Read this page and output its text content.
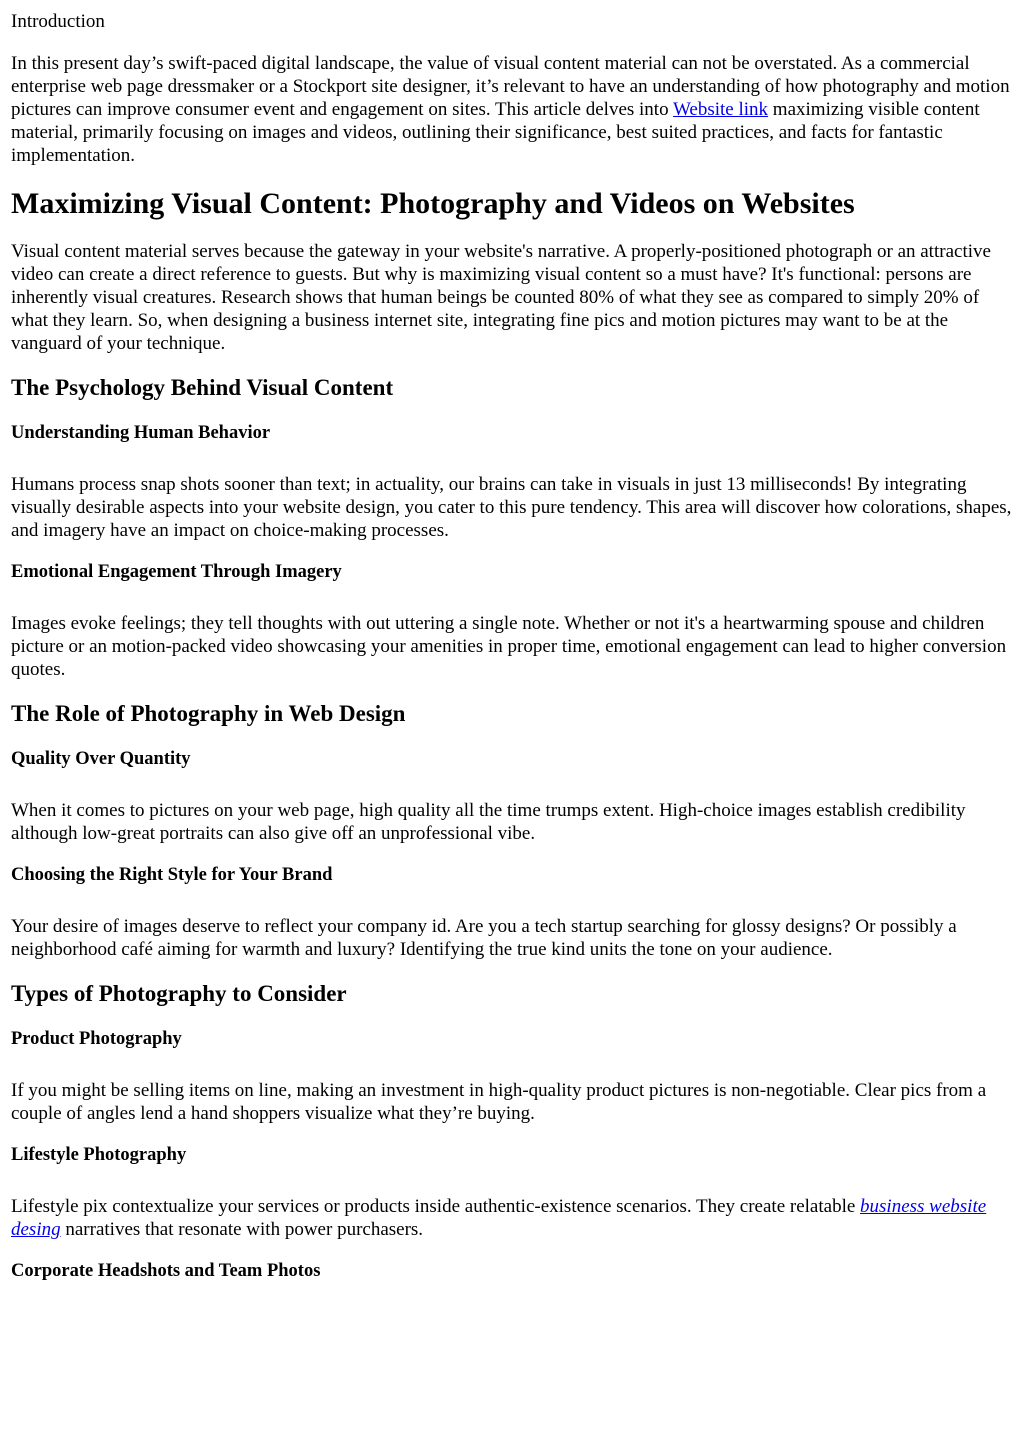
Introduction

In this present day’s swift-paced digital landscape, the value of visual content material can not be overstated. As a commercial enterprise web page dressmaker or a Stockport site designer, it’s relevant to have an understanding of how photography and motion pictures can improve consumer event and engagement on sites. This article delves into Website link maximizing visible content material, primarily focusing on images and videos, outlining their significance, best suited practices, and facts for fantastic implementation.

Maximizing Visual Content: Photography and Videos on Websites

Visual content material serves because the gateway in your website's narrative. A properly-positioned photograph or an attractive video can create a direct reference to guests. But why is maximizing visual content so a must have? It's functional: persons are inherently visual creatures. Research shows that human beings be counted 80% of what they see as compared to simply 20% of what they learn. So, when designing a business internet site, integrating fine pics and motion pictures may want to be at the vanguard of your technique.

The Psychology Behind Visual Content
Understanding Human Behavior

Humans process snap shots sooner than text; in actuality, our brains can take in visuals in just 13 milliseconds! By integrating visually desirable aspects into your website design, you cater to this pure tendency. This area will discover how colorations, shapes, and imagery have an impact on choice-making processes.

Emotional Engagement Through Imagery

Images evoke feelings; they tell thoughts with out uttering a single note. Whether or not it's a heartwarming spouse and children picture or an motion-packed video showcasing your amenities in proper time, emotional engagement can lead to higher conversion quotes.

The Role of Photography in Web Design
Quality Over Quantity

When it comes to pictures on your web page, high quality all the time trumps extent. High-choice images establish credibility although low-great portraits can also give off an unprofessional vibe.

Choosing the Right Style for Your Brand

Your desire of images deserve to reflect your company id. Are you a tech startup searching for glossy designs? Or possibly a neighborhood café aiming for warmth and luxury? Identifying the true kind units the tone on your audience.

Types of Photography to Consider
Product Photography

If you might be selling items on line, making an investment in high-quality product pictures is non-negotiable. Clear pics from a couple of angles lend a hand shoppers visualize what they’re buying.

Lifestyle Photography

Lifestyle pix contextualize your services or products inside authentic-existence scenarios. They create relatable business website desing narratives that resonate with power purchasers.

Corporate Headshots and Team Photos
